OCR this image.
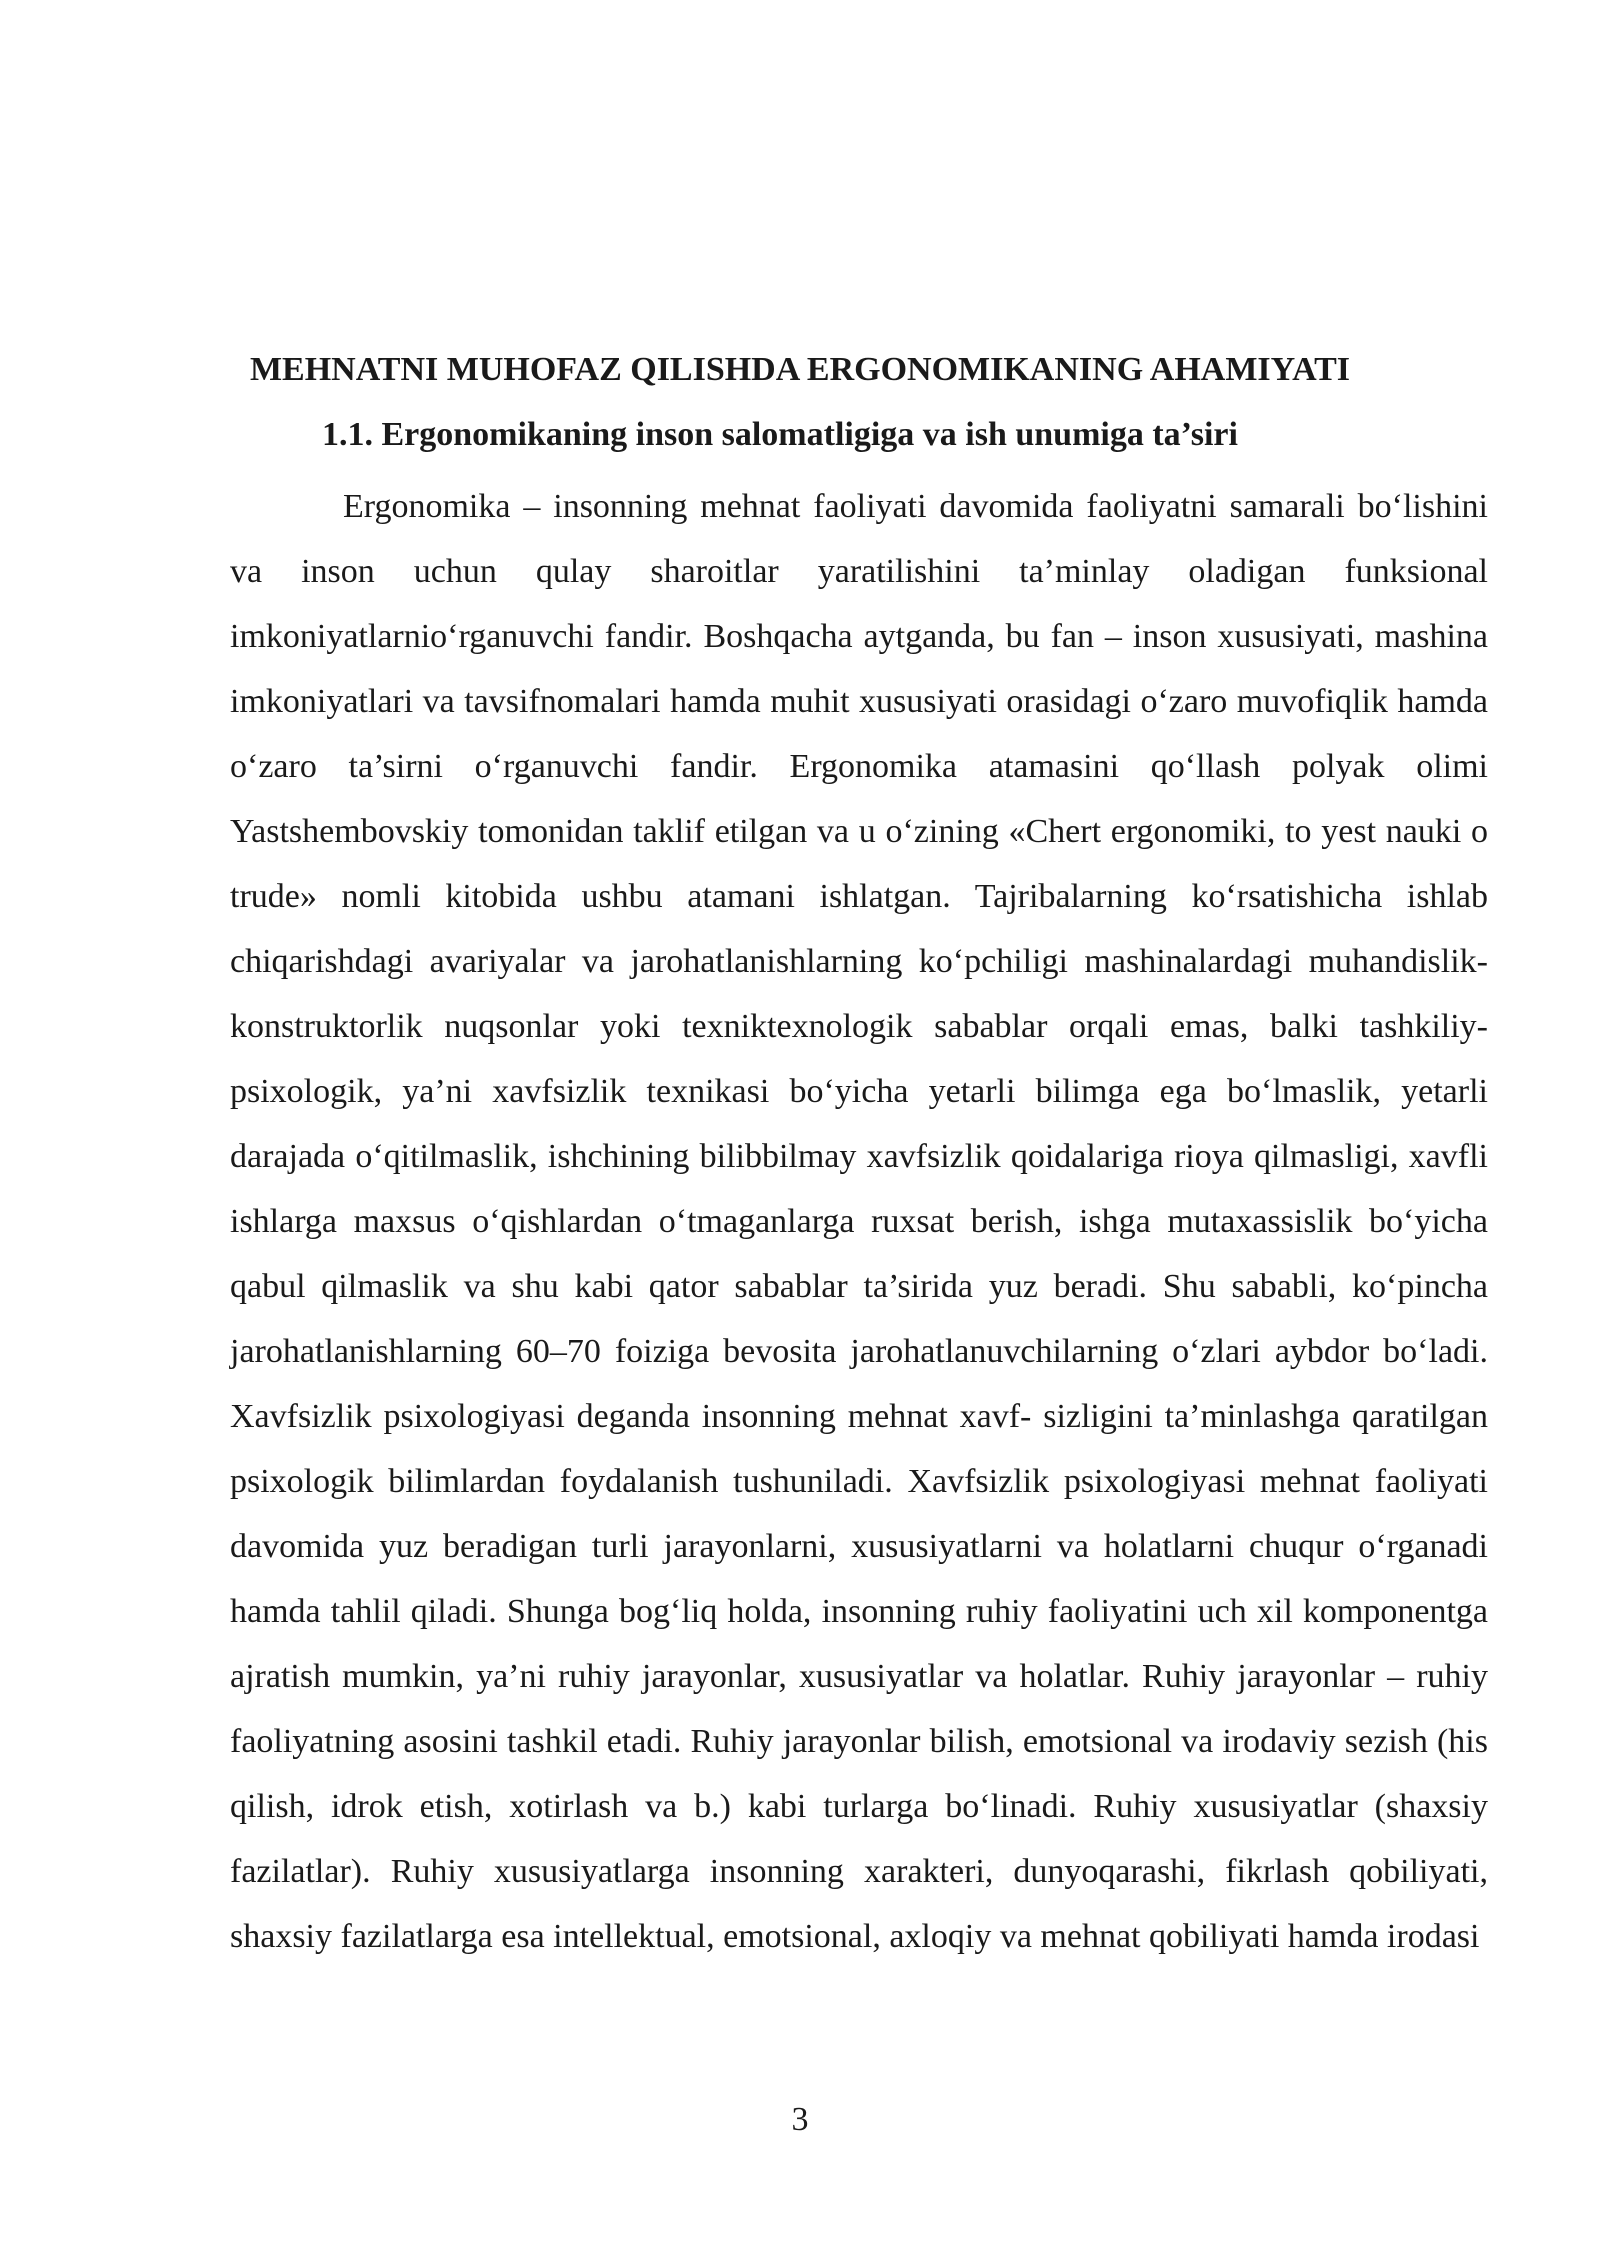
MEHNATNI MUHOFAZ QILISHDA ERGONOMIKANING AHAMIYATI
1.1. Ergonomikaning inson salomatligiga va ish unumiga ta’siri

Ergonomika – insonning mehnat faoliyati davomida faoliyatni samarali bo‘lishini va inson uchun qulay sharoitlar yaratilishini ta’minlay oladigan funksional imkoniyatlarnio‘rganuvchi fandir. Boshqacha aytganda, bu fan – inson xususiyati, mashina imkoniyatlari va tavsifnomalari hamda muhit xususiyati orasidagi o‘zaro muvofiqlik hamda o‘zaro ta’sirni o‘rganuvchi fandir. Ergonomika atamasini qo‘llash polyak olimi Yastshembovskiy tomonidan taklif etilgan va u o‘zining «Chert ergonomiki, to yest nauki o trude» nomli kitobida ushbu atamani ishlatgan. Tajribalarning ko‘rsatishicha ishlab chiqarishdagi avariyalar va jarohatlanishlarning ko‘pchiligi mashinalardagi muhandislik-konstruktorlik nuqsonlar yoki texniktexnologik sabablar orqali emas, balki tashkiliy-psixologik, ya’ni xavfsizlik texnikasi bo‘yicha yetarli bilimga ega bo‘lmaslik, yetarli darajada o‘qitilmaslik, ishchining bilibbilmay xavfsizlik qoidalariga rioya qilmasligi, xavfli ishlarga maxsus o‘qishlardan o‘tmaganlarga ruxsat berish, ishga mutaxassislik bo‘yicha qabul qilmaslik va shu kabi qator sabablar ta’sirida yuz beradi. Shu sababli, ko‘pincha jarohatlanishlarning 60–70 foiziga bevosita jarohatlanuvchilarning o‘zlari aybdor bo‘ladi. Xavfsizlik psixologiyasi deganda insonning mehnat xavf- sizligini ta’minlashga qaratilgan psixologik bilimlardan foydalanish tushuniladi. Xavfsizlik psixologiyasi mehnat faoliyati davomida yuz beradigan turli jarayonlarni, xususiyatlarni va holatlarni chuqur o‘rganadi hamda tahlil qiladi. Shunga bog‘liq holda, insonning ruhiy faoliyatini uch xil komponentga ajratish mumkin, ya’ni ruhiy jarayonlar, xususiyatlar va holatlar. Ruhiy jarayonlar – ruhiy faoliyatning asosini tashkil etadi. Ruhiy jarayonlar bilish, emotsional va irodaviy sezish (his qilish, idrok etish, xotirlash va b.) kabi turlarga bo‘linadi. Ruhiy xususiyatlar (shaxsiy fazilatlar). Ruhiy xususiyatlarga insonning xarakteri, dunyoqarashi, fikrlash qobiliyati, shaxsiy fazilatlarga esa intellektual, emotsional, axloqiy va mehnat qobiliyati hamda irodasi

3
